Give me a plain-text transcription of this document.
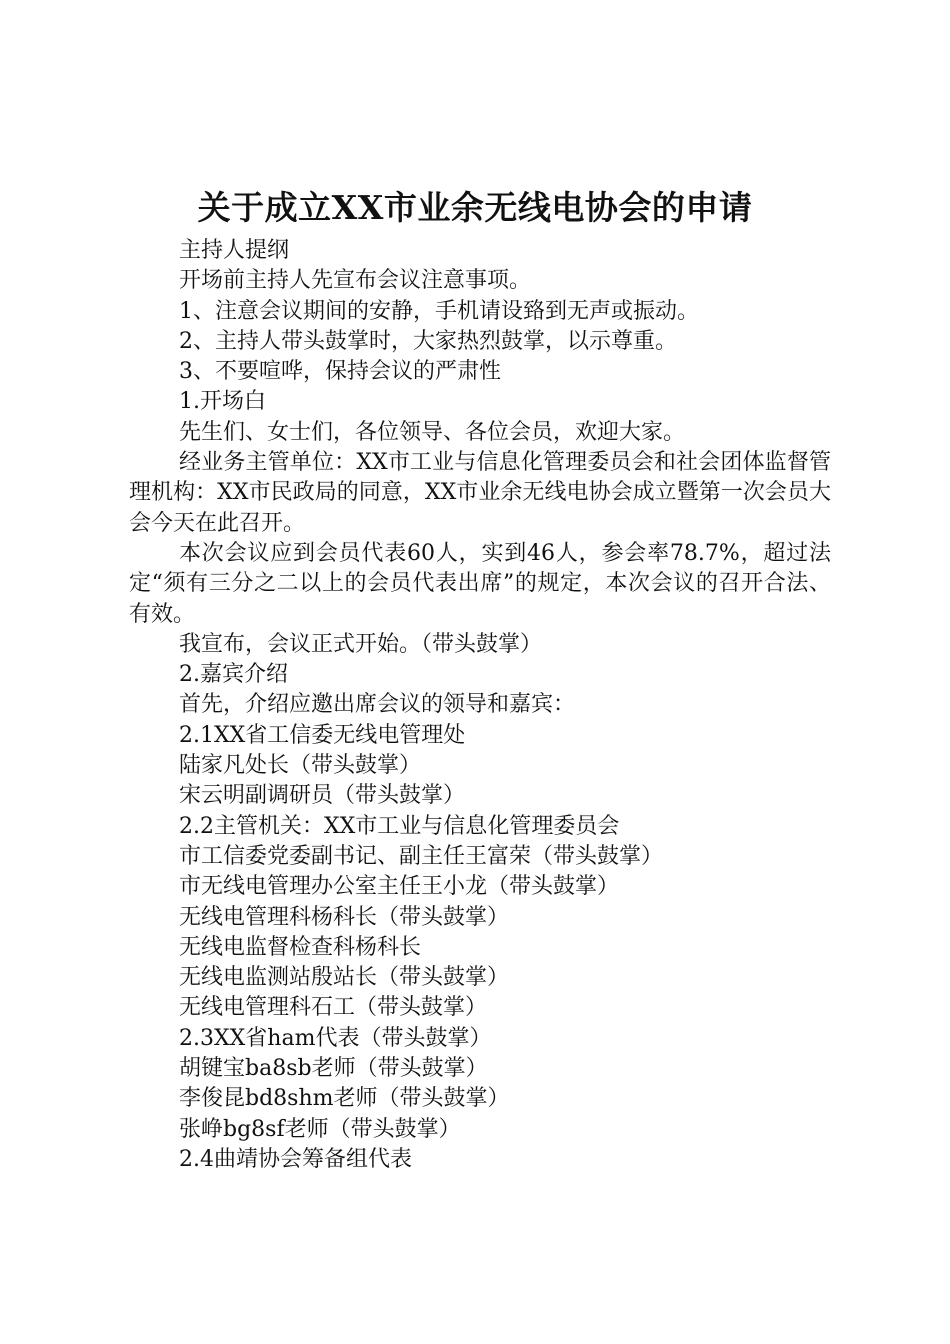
关于成立XX市业余无线电协会的申请

主持人提纲

开场前主持人先宣布会议注意事项。

1、注意会议期间的安静，手机请设臵到无声或振动。

2、主持人带头鼓掌时，大家热烈鼓掌，以示尊重。

3、不要喧哗，保持会议的严肃性

1.开场白

先生们、女士们，各位领导、各位会员，欢迎大家。

经业务主管单位：XX市工业与信息化管理委员会和社会团体监督管理机构：XX市民政局的同意，XX市业余无线电协会成立暨第一次会员大会今天在此召开。

本次会议应到会员代表60人，实到46人，参会率78.7%，超过法定“须有三分之二以上的会员代表出席”的规定，本次会议的召开合法、有效。

我宣布，会议正式开始。（带头鼓掌）

2.嘉宾介绍

首先，介绍应邀出席会议的领导和嘉宾：

2.1XX省工信委无线电管理处

陆家凡处长（带头鼓掌）

宋云明副调研员（带头鼓掌）

2.2主管机关：XX市工业与信息化管理委员会

市工信委党委副书记、副主任王富荣（带头鼓掌）

市无线电管理办公室主任王小龙（带头鼓掌）

无线电管理科杨科长（带头鼓掌）

无线电监督检查科杨科长

无线电监测站殷站长（带头鼓掌）

无线电管理科石工（带头鼓掌）

2.3XX省ham代表（带头鼓掌）

胡键宝ba8sb老师（带头鼓掌）

李俊昆bd8shm老师（带头鼓掌）

张峥bg8sf老师（带头鼓掌）

2.4曲靖协会筹备组代表
